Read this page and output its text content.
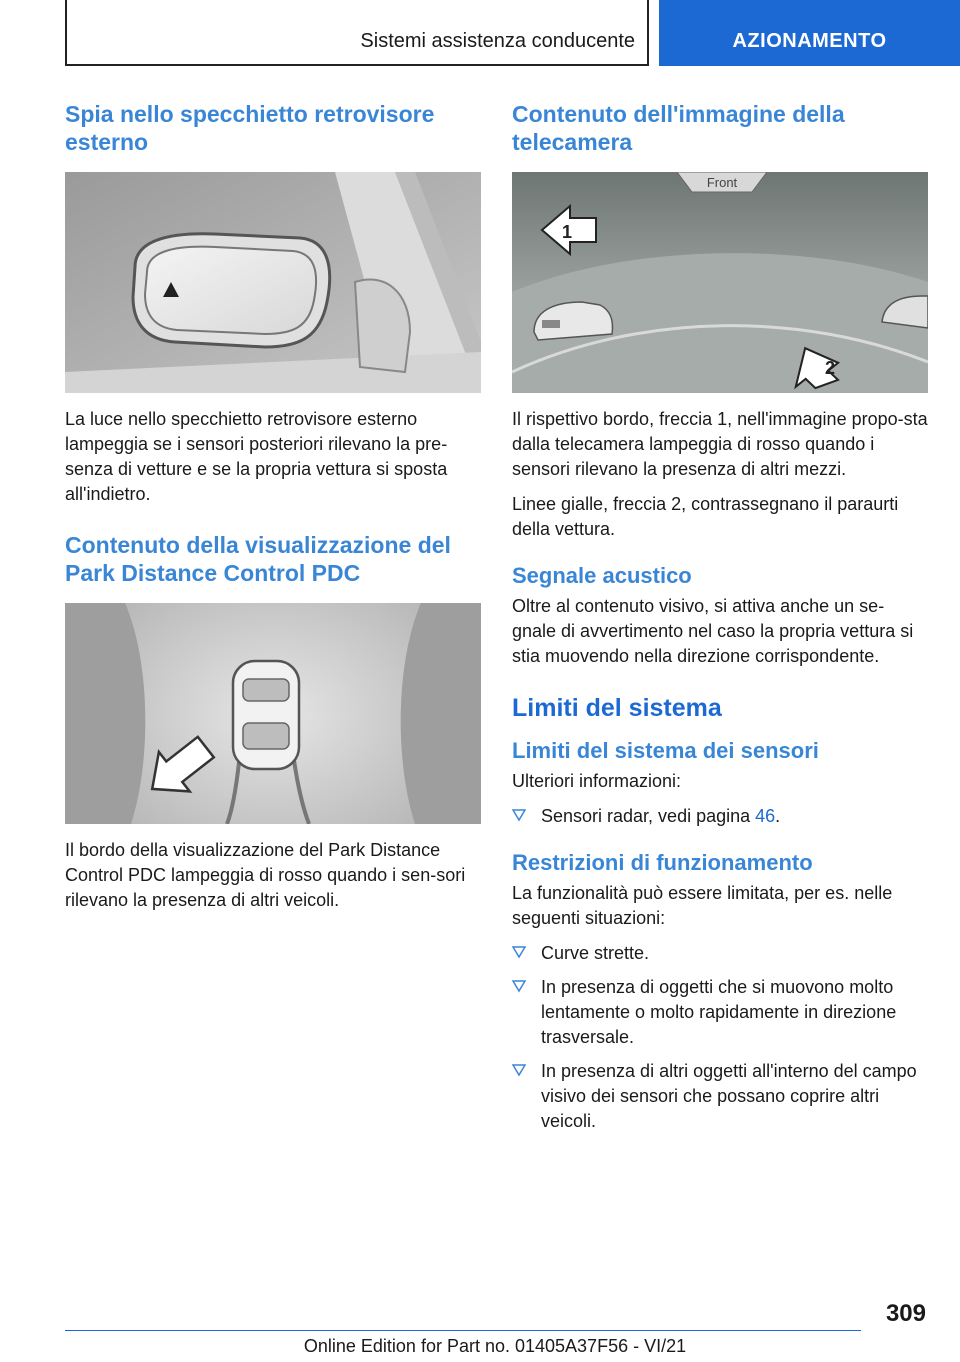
Sistemi assistenza conducente	AZIONAMENTO
Spia nello specchietto retrovisore esterno

La luce nello specchietto retrovisore esterno lampeggia se i sensori posteriori rilevano la pre-senza di vetture e se la propria vettura si sposta all'indietro.

Contenuto della visualizzazione del Park Distance Control PDC

Il bordo della visualizzazione del Park Distance Control PDC lampeggia di rosso quando i sen-sori rilevano la presenza di altri veicoli.

Contenuto dell'immagine della telecamera
Front
1
2

Il rispettivo bordo, freccia 1, nell'immagine propo-sta dalla telecamera lampeggia di rosso quando i sensori rilevano la presenza di altri mezzi.

Linee gialle, freccia 2, contrassegnano il paraurti della vettura.

Segnale acustico

Oltre al contenuto visivo, si attiva anche un se-gnale di avvertimento nel caso la propria vettura si stia muovendo nella direzione corrispondente.

Limiti del sistema
Limiti del sistema dei sensori

Ulteriori informazioni:

Sensori radar, vedi pagina 46.
Restrizioni di funzionamento

La funzionalità può essere limitata, per es. nelle seguenti situazioni:

Curve strette.
In presenza di oggetti che si muovono molto lentamente o molto rapidamente in direzione trasversale.
In presenza di altri oggetti all'interno del campo visivo dei sensori che possano coprire altri veicoli.
309
Online Edition for Part no. 01405A37F56 - VI/21
